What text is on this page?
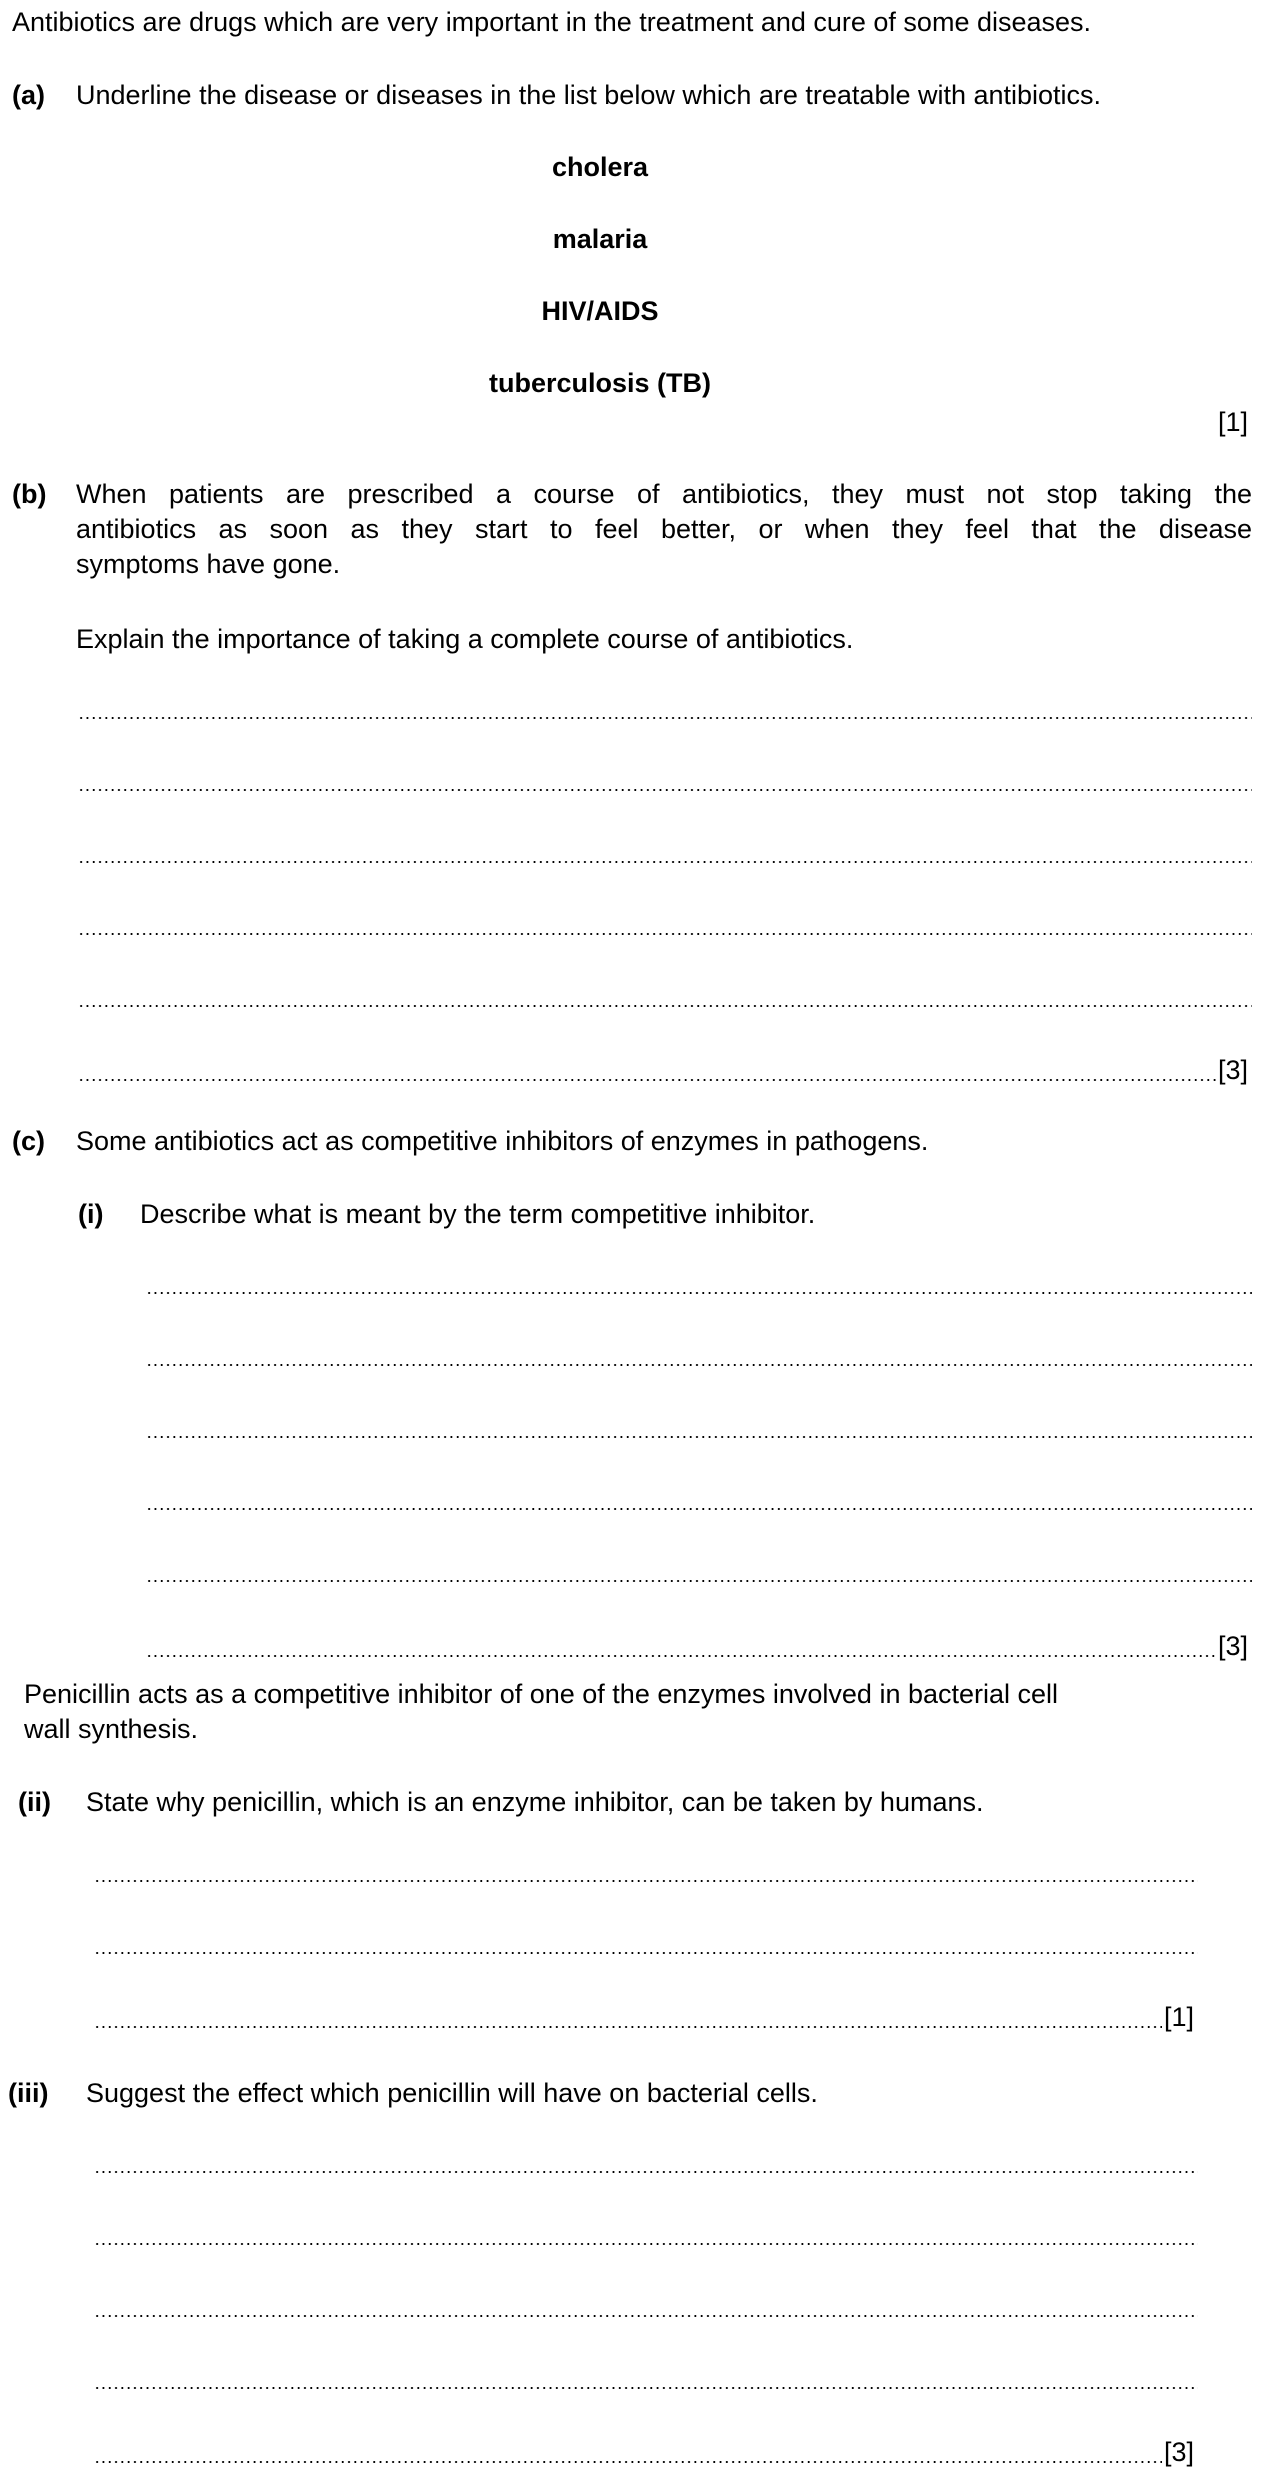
Antibiotics are drugs which are very important in the treatment and cure of some diseases.
(a) Underline the disease or diseases in the list below which are treatable with antibiotics.
cholera
malaria
HIV/AIDS
tuberculosis (TB)
[1]
(b) When patients are prescribed a course of antibiotics, they must not stop taking the
antibiotics as soon as they start to feel better, or when they feel that the disease
symptoms have gone.
Explain the importance of taking a complete course of antibiotics.
[3]
(c) Some antibiotics act as competitive inhibitors of enzymes in pathogens.
(i) Describe what is meant by the term competitive inhibitor.
[3]
Penicillin acts as a competitive inhibitor of one of the enzymes involved in bacterial cell
wall synthesis.
(ii) State why penicillin, which is an enzyme inhibitor, can be taken by humans.
[1]
(iii) Suggest the effect which penicillin will have on bacterial cells.
[3]
